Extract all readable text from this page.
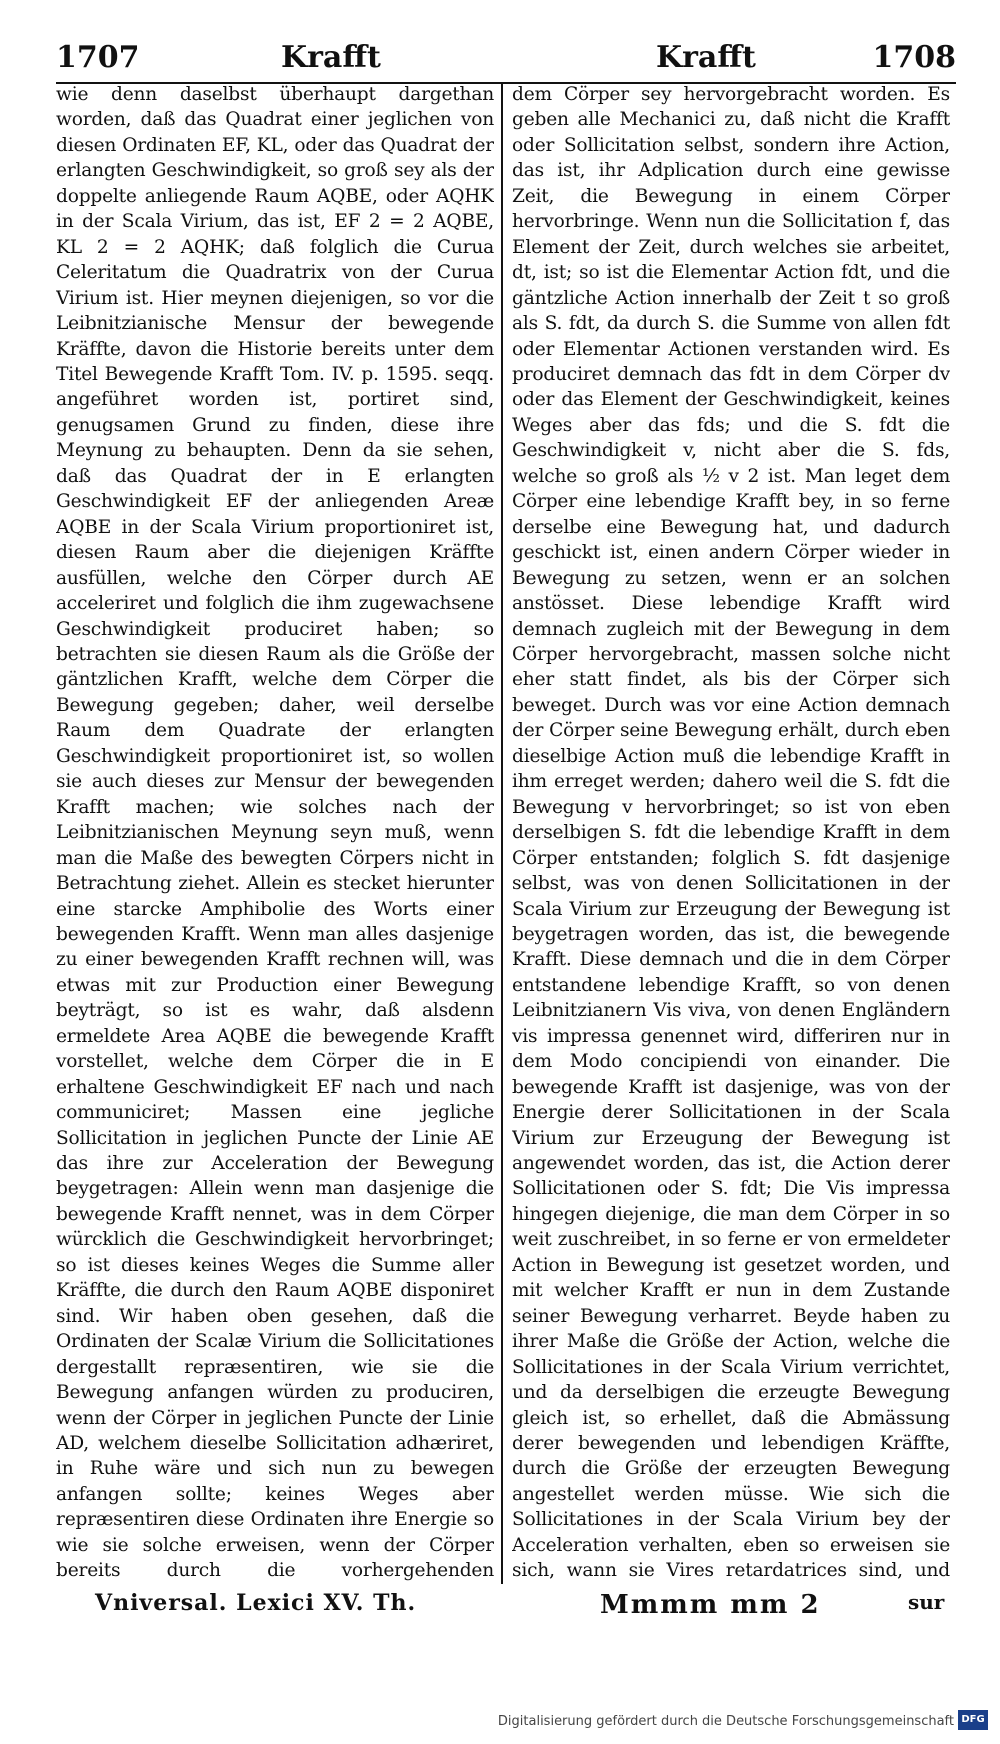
1707	Krafft	Krafft	1708

wie denn daselbst überhaupt dargethan worden, daß das Quadrat einer jeglichen von diesen Ordinaten EF, KL, oder das Quadrat der erlangten Geschwindigkeit, so groß sey als der doppelte anliegende Raum AQBE, oder AQHK in der Scala Virium, das ist, EF 2 = 2 AQBE, KL 2 = 2 AQHK; daß folglich die Curua Celeritatum die Quadratrix von der Curua Virium ist. Hier meynen diejenigen, so vor die Leibnitzianische Mensur der bewegende Kräffte, davon die Historie bereits unter dem Titel Bewegende Krafft Tom. IV. p. 1595. seqq. angeführet worden ist, portiret sind, genugsamen Grund zu finden, diese ihre Meynung zu behaupten. Denn da sie sehen, daß das Quadrat der in E erlangten Geschwindigkeit EF der anliegenden Areæ AQBE in der Scala Virium proportioniret ist, diesen Raum aber die diejenigen Kräffte ausfüllen, welche den Cörper durch AE acceleriret und folglich die ihm zugewachsene Geschwindigkeit produciret haben; so betrachten sie diesen Raum als die Größe der gäntzlichen Krafft, welche dem Cörper die Bewegung gegeben; daher, weil derselbe Raum dem Quadrate der erlangten Geschwindigkeit proportioniret ist, so wollen sie auch dieses zur Mensur der bewegenden Krafft machen; wie solches nach der Leibnitzianischen Meynung seyn muß, wenn man die Maße des bewegten Cörpers nicht in Betrachtung ziehet. Allein es stecket hierunter eine starcke Amphibolie des Worts einer bewegenden Krafft. Wenn man alles dasjenige zu einer bewegenden Krafft rechnen will, was etwas mit zur Production einer Bewegung beyträgt, so ist es wahr, daß alsdenn ermeldete Area AQBE die bewegende Krafft vorstellet, welche dem Cörper die in E erhaltene Geschwindigkeit EF nach und nach communiciret; Massen eine jegliche Sollicitation in jeglichen Puncte der Linie AE das ihre zur Acceleration der Bewegung beygetragen: Allein wenn man dasjenige die bewegende Krafft nennet, was in dem Cörper würcklich die Geschwindigkeit hervorbringet; so ist dieses keines Weges die Summe aller Kräffte, die durch den Raum AQBE disponiret sind. Wir haben oben gesehen, daß die Ordinaten der Scalæ Virium die Sollicitationes dergestallt repræsentiren, wie sie die Bewegung anfangen würden zu produciren, wenn der Cörper in jeglichen Puncte der Linie AD, welchem dieselbe Sollicitation adhæriret, in Ruhe wäre und sich nun zu bewegen anfangen sollte; keines Weges aber repræsentiren diese Ordinaten ihre Energie so wie sie solche erweisen, wenn der Cörper bereits durch die vorhergehenden

dem Cörper sey hervorgebracht worden. Es geben alle Mechanici zu, daß nicht die Krafft oder Sollicitation selbst, sondern ihre Action, das ist, ihr Adplication durch eine gewisse Zeit, die Bewegung in einem Cörper hervorbringe. Wenn nun die Sollicitation f, das Element der Zeit, durch welches sie arbeitet, dt, ist; so ist die Elementar Action fdt, und die gäntzliche Action innerhalb der Zeit t so groß als S. fdt, da durch S. die Summe von allen fdt oder Elementar Actionen verstanden wird. Es produciret demnach das fdt in dem Cörper dv oder das Element der Geschwindigkeit, keines Weges aber das fds; und die S. fdt die Geschwindigkeit v, nicht aber die S. fds, welche so groß als ½ v 2 ist. Man leget dem Cörper eine lebendige Krafft bey, in so ferne derselbe eine Bewegung hat, und dadurch geschickt ist, einen andern Cörper wieder in Bewegung zu setzen, wenn er an solchen anstösset. Diese lebendige Krafft wird demnach zugleich mit der Bewegung in dem Cörper hervorgebracht, massen solche nicht eher statt findet, als bis der Cörper sich beweget. Durch was vor eine Action demnach der Cörper seine Bewegung erhält, durch eben dieselbige Action muß die lebendige Krafft in ihm erreget werden; dahero weil die S. fdt die Bewegung v hervorbringet; so ist von eben derselbigen S. fdt die lebendige Krafft in dem Cörper entstanden; folglich S. fdt dasjenige selbst, was von denen Sollicitationen in der Scala Virium zur Erzeugung der Bewegung ist beygetragen worden, das ist, die bewegende Krafft. Diese demnach und die in dem Cörper entstandene lebendige Krafft, so von denen Leibnitzianern Vis viva, von denen Engländern vis impressa genennet wird, differiren nur in dem Modo concipiendi von einander. Die bewegende Krafft ist dasjenige, was von der Energie derer Sollicitationen in der Scala Virium zur Erzeugung der Bewegung ist angewendet worden, das ist, die Action derer Sollicitationen oder S. fdt; Die Vis impressa hingegen diejenige, die man dem Cörper in so weit zuschreibet, in so ferne er von ermeldeter Action in Bewegung ist gesetzet worden, und mit welcher Krafft er nun in dem Zustande seiner Bewegung verharret. Beyde haben zu ihrer Maße die Größe der Action, welche die Sollicitationes in der Scala Virium verrichtet, und da derselbigen die erzeugte Bewegung gleich ist, so erhellet, daß die Abmässung derer bewegenden und lebendigen Kräffte, durch die Größe der erzeugten Bewegung angestellet werden müsse. Wie sich die Sollicitationes in der Scala Virium bey der Acceleration verhalten, eben so erweisen sie sich, wann sie Vires retardatrices sind, und

Vniversal. Lexici XV. Th.	Mmmm mm 2	sur
Digitalisierung gefördert durch die Deutsche Forschungsgemeinschaft DFG
